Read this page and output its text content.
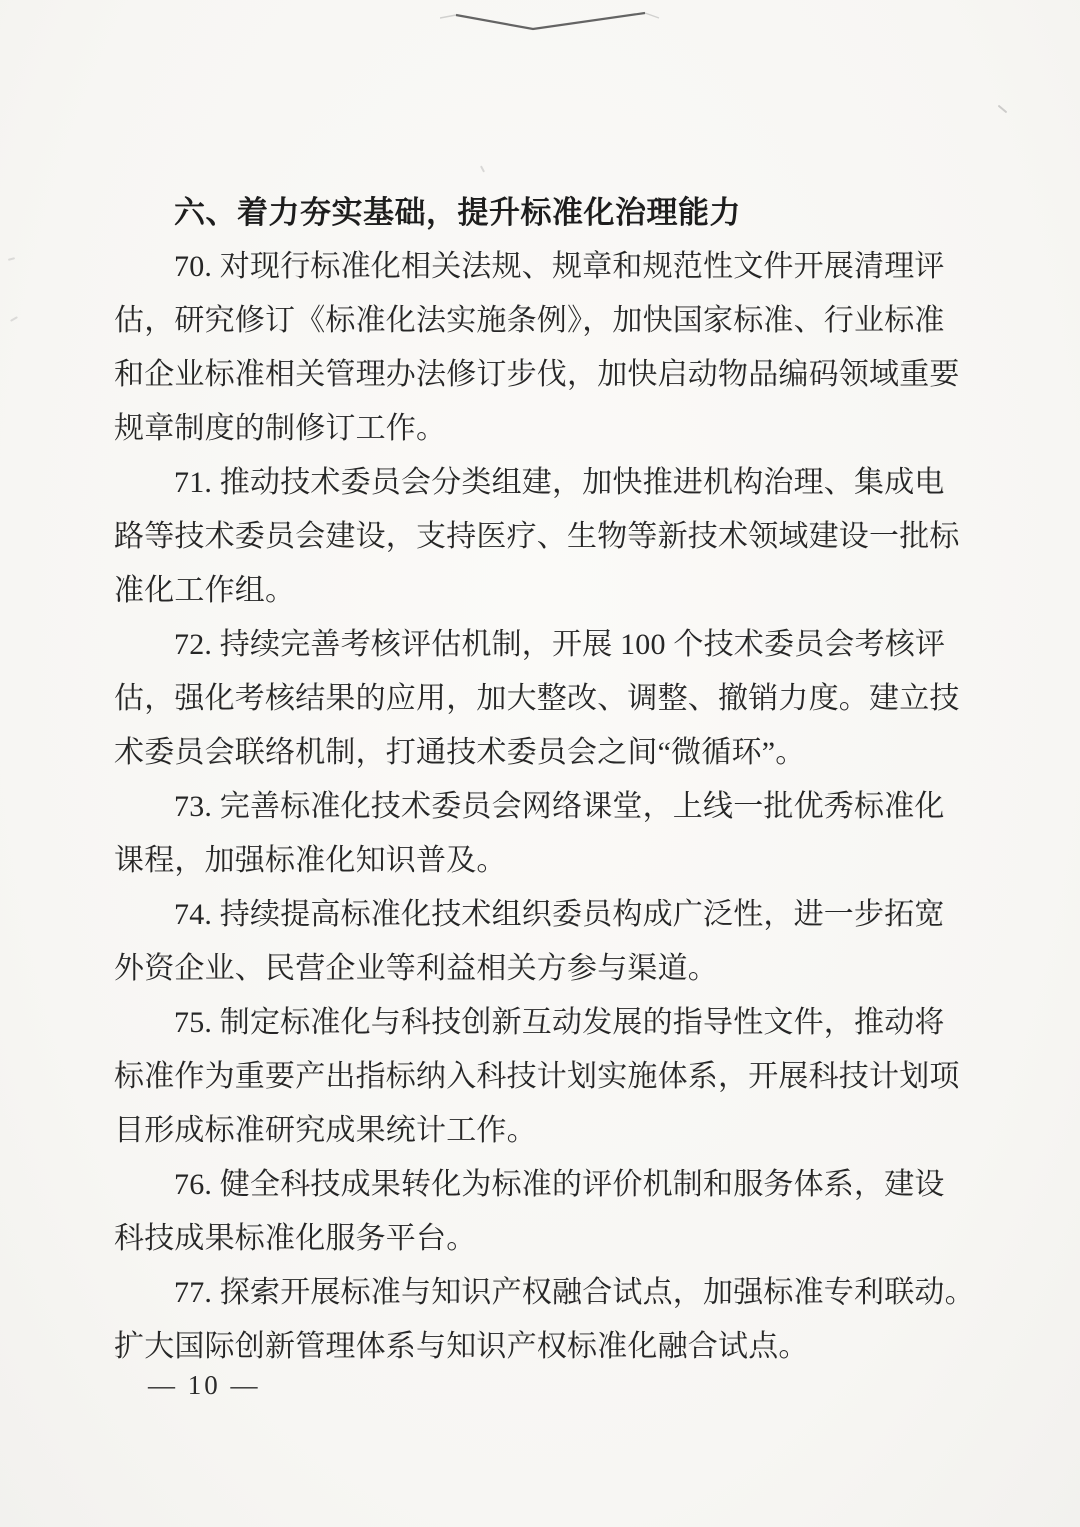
六、着力夯实基础，提升标准化治理能力
70. 对现行标准化相关法规、规章和规范性文件开展清理评
估，研究修订《标准化法实施条例》，加快国家标准、行业标准
和企业标准相关管理办法修订步伐，加快启动物品编码领域重要
规章制度的制修订工作。
71. 推动技术委员会分类组建，加快推进机构治理、集成电
路等技术委员会建设，支持医疗、生物等新技术领域建设一批标
准化工作组。
72. 持续完善考核评估机制，开展 100 个技术委员会考核评
估，强化考核结果的应用，加大整改、调整、撤销力度。建立技
术委员会联络机制，打通技术委员会之间“微循环”。
73. 完善标准化技术委员会网络课堂，上线一批优秀标准化
课程，加强标准化知识普及。
74. 持续提高标准化技术组织委员构成广泛性，进一步拓宽
外资企业、民营企业等利益相关方参与渠道。
75. 制定标准化与科技创新互动发展的指导性文件，推动将
标准作为重要产出指标纳入科技计划实施体系，开展科技计划项
目形成标准研究成果统计工作。
76. 健全科技成果转化为标准的评价机制和服务体系，建设
科技成果标准化服务平台。
77. 探索开展标准与知识产权融合试点，加强标准专利联动。
扩大国际创新管理体系与知识产权标准化融合试点。
— 10 —
